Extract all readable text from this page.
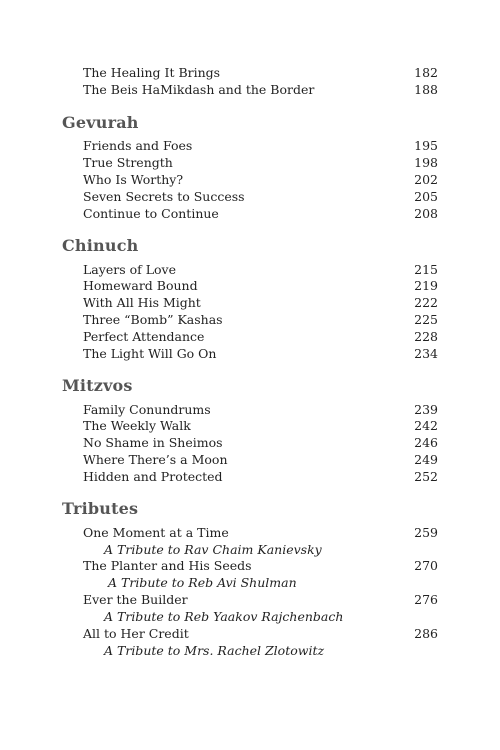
The Healing It Brings	182
The Beis HaMikdash and the Border	188
Gevurah
Friends and Foes	195
True Strength	198
Who Is Worthy?	202
Seven Secrets to Success	205
Continue to Continue	208
Chinuch
Layers of Love	215
Homeward Bound	219
With All His Might	222
Three “Bomb” Kashas	225
Perfect Attendance	228
The Light Will Go On	234
Mitzvos
Family Conundrums	239
The Weekly Walk	242
No Shame in Sheimos	246
Where There’s a Moon	249
Hidden and Protected	252
Tributes
One Moment at a Time	259
A Tribute to Rav Chaim Kanievsky
The Planter and His Seeds	270
A Tribute to Reb Avi Shulman
Ever the Builder	276
A Tribute to Reb Yaakov Rajchenbach
All to Her Credit	286
A Tribute to Mrs. Rachel Zlotowitz
